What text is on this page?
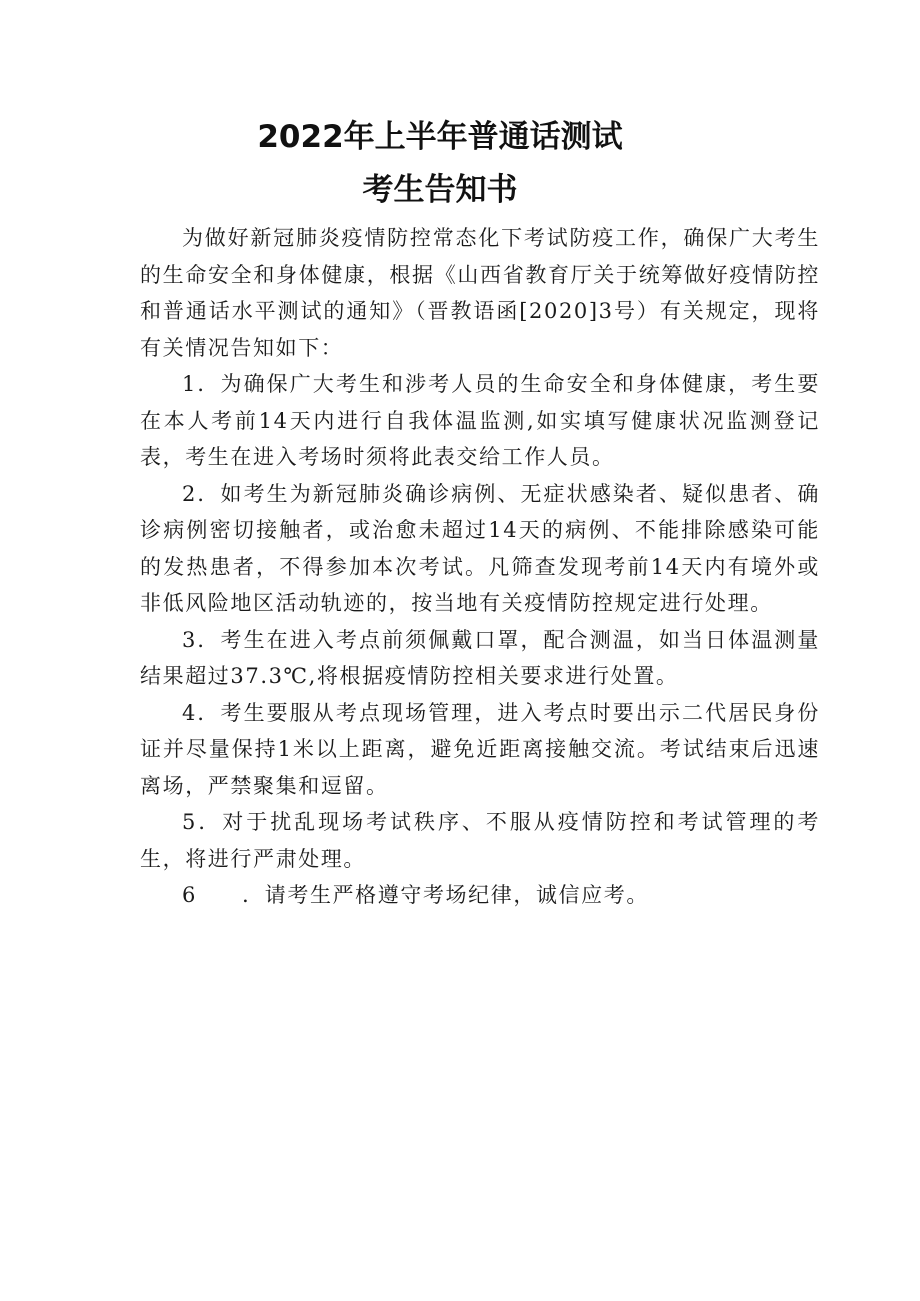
2022年上半年普通话测试
考生告知书

为做好新冠肺炎疫情防控常态化下考试防疫工作，确保广大考生的生命安全和身体健康，根据《山西省教育厅关于统筹做好疫情防控和普通话水平测试的通知》（晋教语函[2020]3号）有关规定，现将有关情况告知如下：

1．为确保广大考生和涉考人员的生命安全和身体健康，考生要在本人考前14天内进行自我体温监测,如实填写健康状况监测登记表，考生在进入考场时须将此表交给工作人员。

2．如考生为新冠肺炎确诊病例、无症状感染者、疑似患者、确诊病例密切接触者，或治愈未超过14天的病例、不能排除感染可能的发热患者，不得参加本次考试。凡筛查发现考前14天内有境外或非低风险地区活动轨迹的，按当地有关疫情防控规定进行处理。

3．考生在进入考点前须佩戴口罩，配合测温，如当日体温测量结果超过37.3℃,将根据疫情防控相关要求进行处置。

4．考生要服从考点现场管理，进入考点时要出示二代居民身份证并尽量保持1米以上距离，避免近距离接触交流。考试结束后迅速离场，严禁聚集和逗留。

5．对于扰乱现场考试秩序、不服从疫情防控和考试管理的考生，将进行严肃处理。

6　　．请考生严格遵守考场纪律，诚信应考。
